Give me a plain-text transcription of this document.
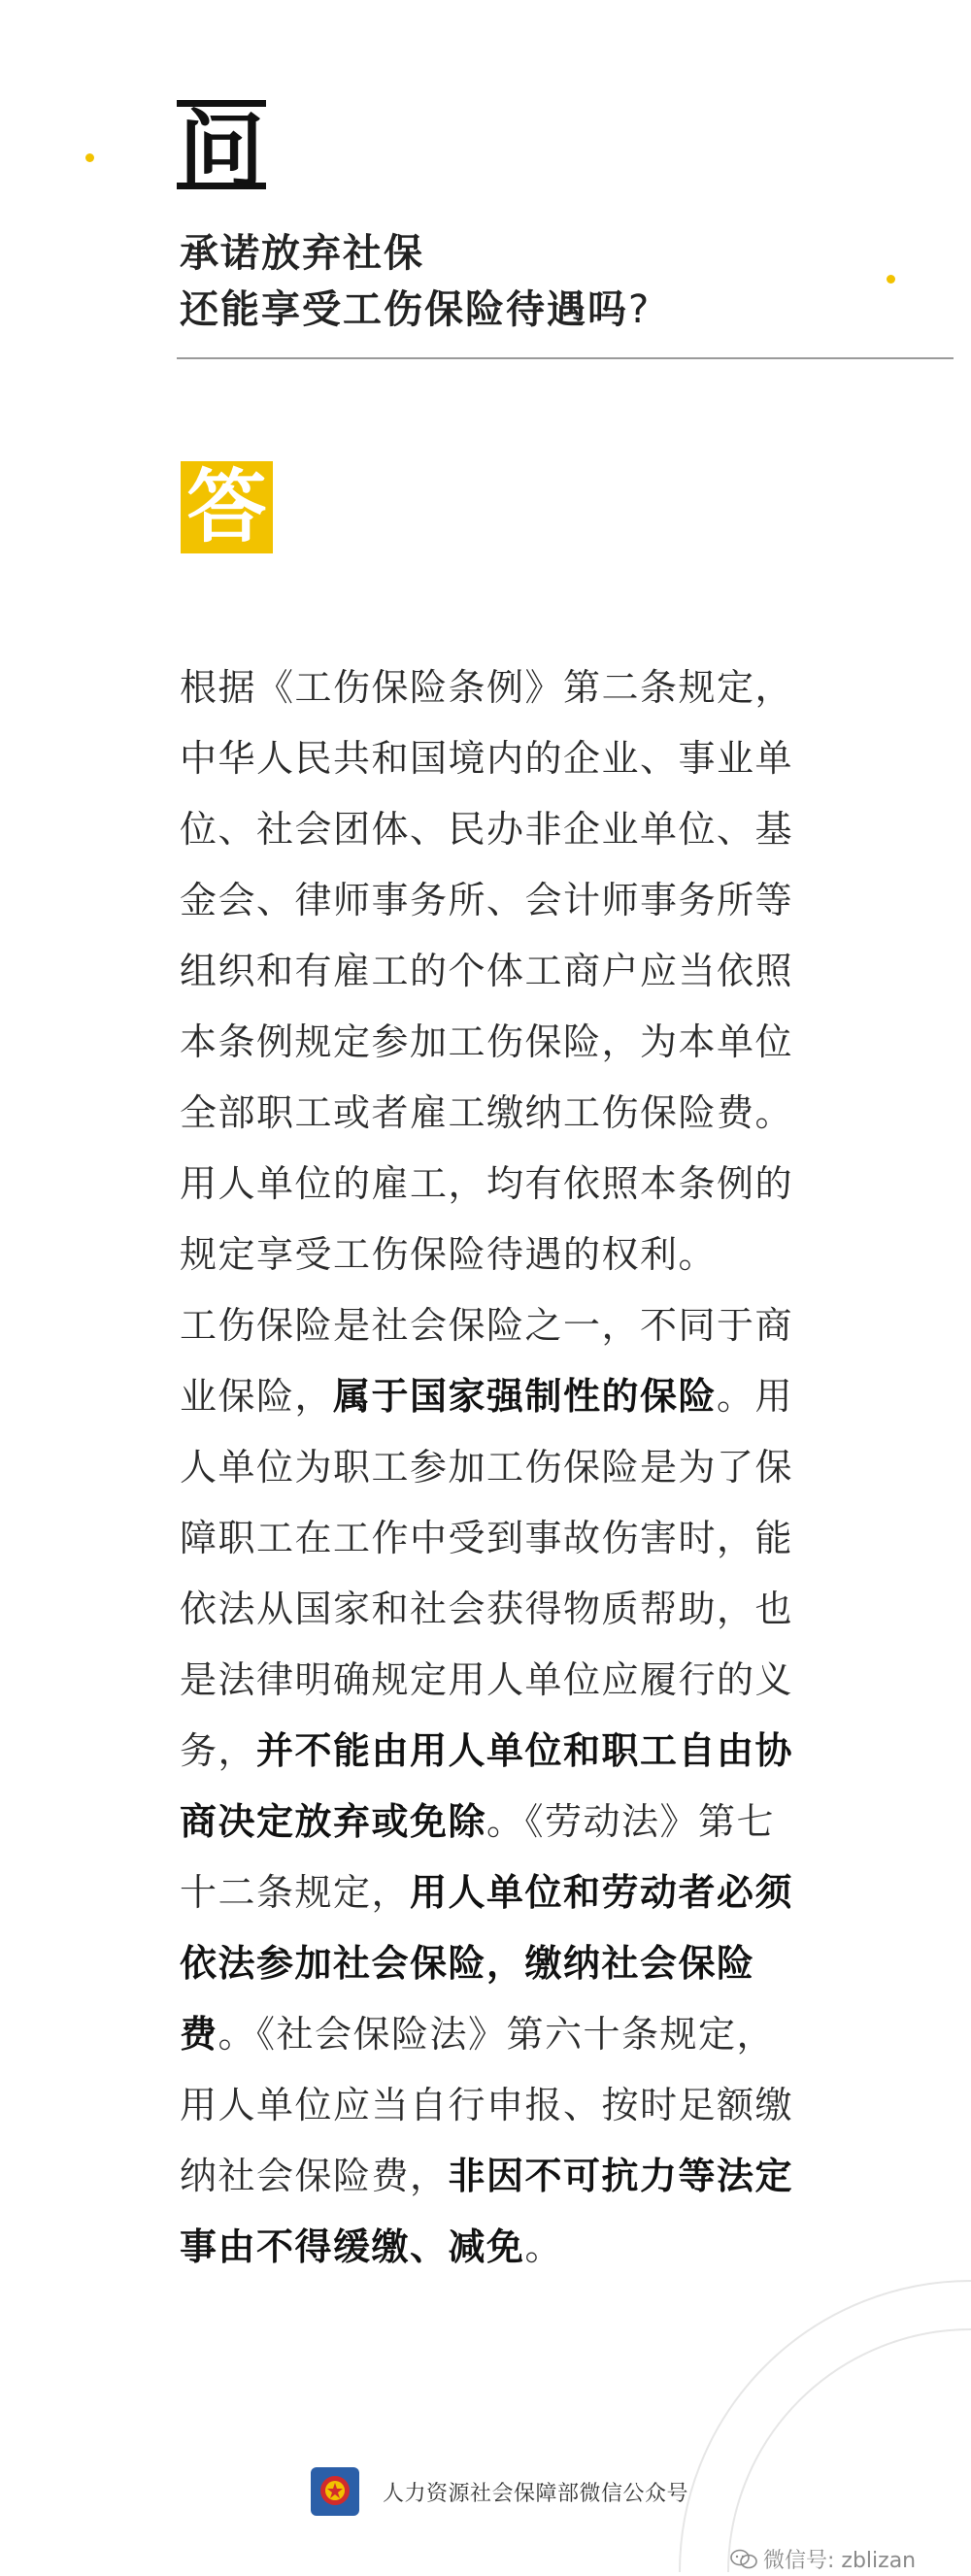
问
承诺放弃社保
还能享受工伤保险待遇吗?
答

根据《工伤保险条例》第二条规定，中华人民共和国境内的企业、事业单位、社会团体、民办非企业单位、基金会、律师事务所、会计师事务所等组织和有雇工的个体工商户应当依照本条例规定参加工伤保险，为本单位全部职工或者雇工缴纳工伤保险费。用人单位的雇工，均有依照本条例的规定享受工伤保险待遇的权利。

工伤保险是社会保险之一，不同于商业保险，属于国家强制性的保险。用人单位为职工参加工伤保险是为了保障职工在工作中受到事故伤害时，能依法从国家和社会获得物质帮助，也是法律明确规定用人单位应履行的义务，并不能由用人单位和职工自由协商决定放弃或免除。《劳动法》第七十二条规定，用人单位和劳动者必须依法参加社会保险，缴纳社会保险费。《社会保险法》第六十条规定，用人单位应当自行申报、按时足额缴纳社会保险费，非因不可抗力等法定事由不得缓缴、减免。

人力资源社会保障部微信公众号
微信号: zblizan
